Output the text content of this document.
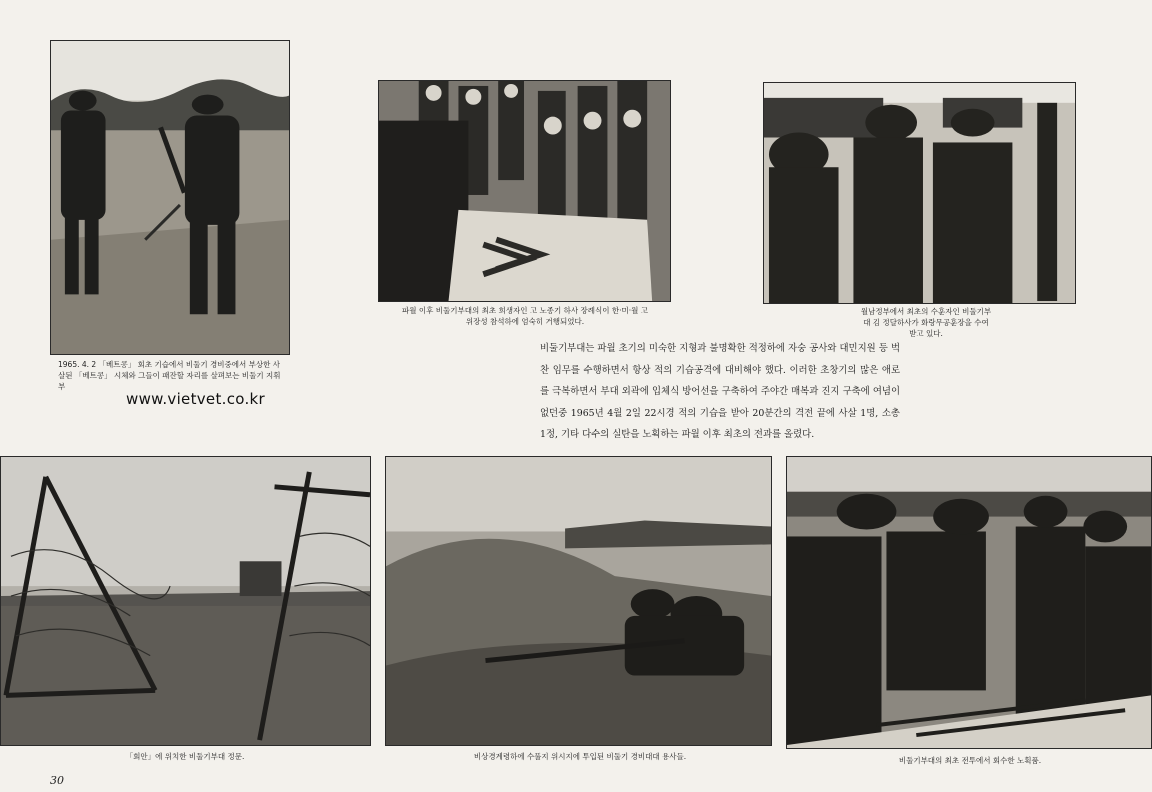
1965. 4. 2 「베트콩」 회초 기습에서 비둘기 경비중에서 부상한 사살된 「베트콩」 시체와 그들이 패잔할 자리를 살펴보는 비둘기 지휘부

파월 이후 비둘기부대의 최초 희생자인 고 노종기 하사 장례식이 한·미·월 고위장성 참석하에 엄숙히 거행되었다.

월남정부에서 최초의 수훈자인 비둘기부대 김 정달하사가 화랑무공훈장을 수여받고 있다.

「회안」에 위치한 비둘기부대 정문.	비상경계령하에 수풀지 위시지에 투입된 비둘기 경비대대 용사들.	비둘기부대의 최초 전투에서 회수한 노획품.

www.vietvet.co.kr

비둘기부대는 파월 초기의 미숙한 지형과 불명확한 적정하에 자숭 공사와 대민지원 등 벅찬 임무를 수행하면서 항상 적의 기습공격에 대비해야 했다. 이러한 초창기의 많은 애로를 극복하면서 부대 외곽에 입체식 방어선을 구축하여 주야간 매복과 진지 구축에 여념이 없던중 1965년 4월 2일 22시경 적의 기습을 받아 20분간의 격전 끝에 사살 1명, 소총 1정, 기타 다수의 실탄을 노획하는 파월 이후 최초의 전과를 올렸다.

30
